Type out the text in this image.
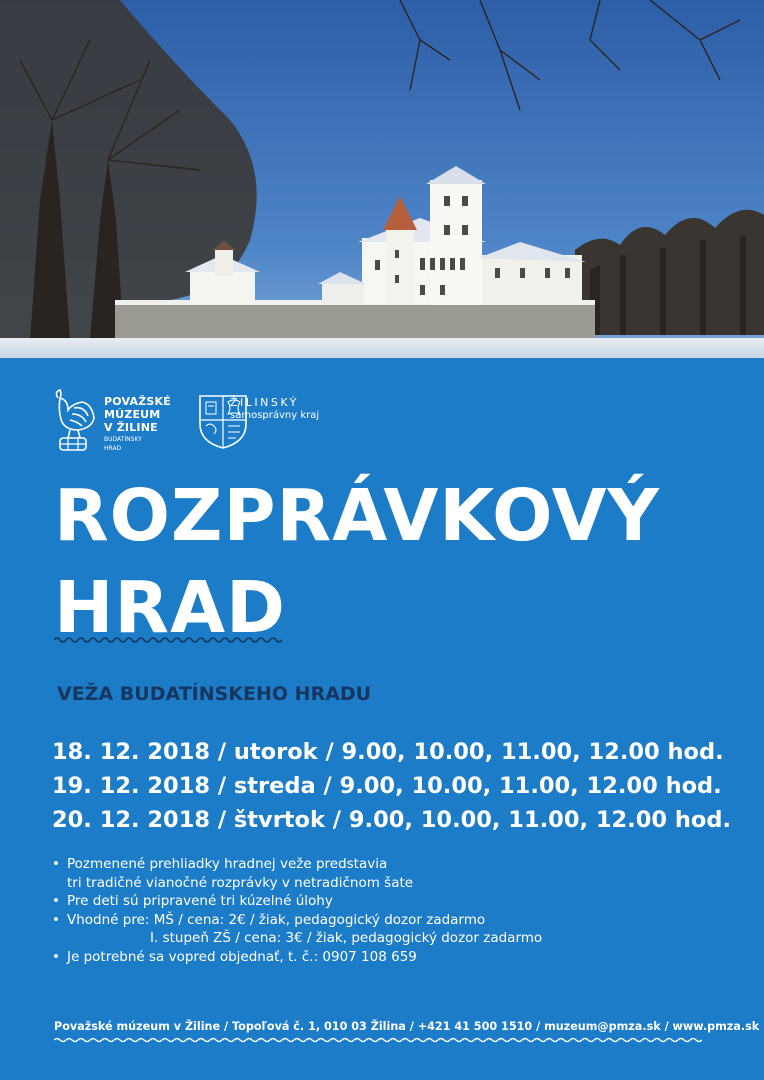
POVAŽSKÉ
MÚZEUM
V ŽILINE
BUDATÍNSKY
HRAD
ŽILINSKÝ
samosprávny kraj
ROZPRÁVKOVÝ
HRAD
VEŽA BUDATÍNSKEHO HRADU
18. 12. 2018 / utorok / 9.00, 10.00, 11.00, 12.00 hod.
19. 12. 2018 / streda / 9.00, 10.00, 11.00, 12.00 hod.
20. 12. 2018 / štvrtok / 9.00, 10.00, 11.00, 12.00 hod.
• Pozmenené prehliadky hradnej veže predstavia
tri tradičné vianočné rozprávky v netradičnom šate
• Pre deti sú pripravené tri kúzelné úlohy
• Vhodné pre: MŠ / cena: 2€ / žiak, pedagogický dozor zadarmo
I. stupeň ZŠ / cena: 3€ / žiak, pedagogický dozor zadarmo
• Je potrebné sa vopred objednať, t. č.: 0907 108 659
Považské múzeum v Žiline / Topoľová č. 1, 010 03 Žilina / +421 41 500 1510 / muzeum@pmza.sk / www.pmza.sk
